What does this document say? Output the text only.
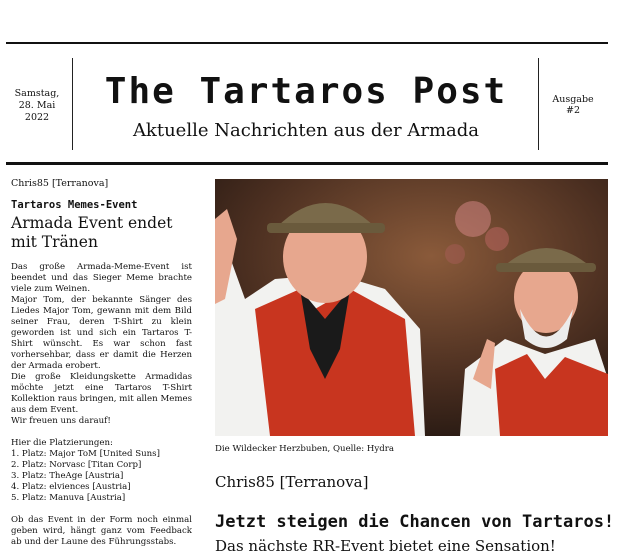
Samstag,
28. Mai
2022
The Tartaros Post
Aktuelle Nachrichten aus der Armada
Ausgabe
#2
Chris85 [Terranova]
Tartaros Memes-Event
Armada Event endet
mit Tränen

Das große Armada-Meme-Event ist beendet und das Sieger Meme brachte viele zum Weinen.

Major Tom, der bekannte Sänger des Liedes Major Tom, gewann mit dem Bild seiner Frau, deren T-Shirt zu klein geworden ist und sich ein Tartaros T-Shirt wünscht. Es war schon fast vorhersehbar, dass er damit die Herzen der Armada erobert.

Die große Kleidungskette Armadidas möchte jetzt eine Tartaros T-Shirt Kollektion raus bringen, mit allen Memes aus dem Event.

Wir freuen uns darauf!

Hier die Platzierungen:

1. Platz: Major ToM [United Suns]

2. Platz: Norvasc [Titan Corp]

3. Platz: TheAge [Austria]

4. Platz: elviences [Austria]

5. Platz: Manuva [Austria]

Ob das Event in der Form noch einmal geben wird, hängt ganz vom Feedback ab und der Laune des Führungsstabs.

Die Wildecker Herzbuben, Quelle: Hydra
Chris85 [Terranova]
Jetzt steigen die Chancen von Tartaros!
Das nächste RR-Event bietet eine Sensation!
